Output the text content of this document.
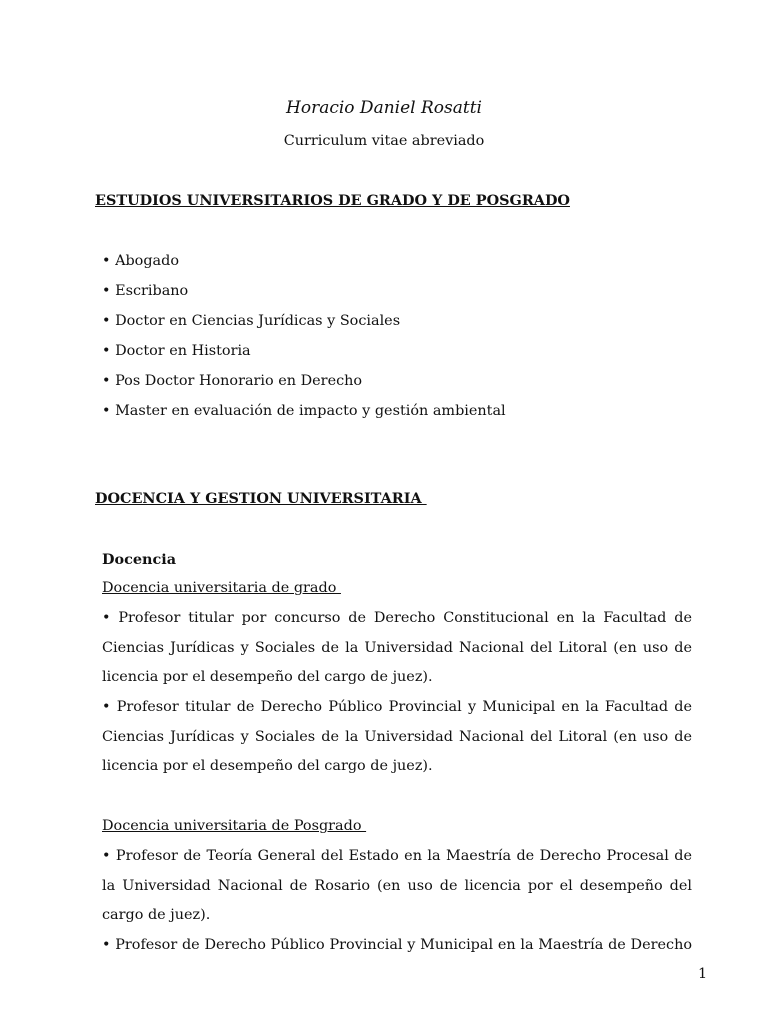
Horacio Daniel Rosatti
Curriculum vitae abreviado
ESTUDIOS UNIVERSITARIOS DE GRADO Y DE POSGRADO
• Abogado
• Escribano
• Doctor en Ciencias Jurídicas y Sociales
• Doctor en Historia
• Pos Doctor Honorario en Derecho
• Master en evaluación de impacto y gestión ambiental
DOCENCIA Y GESTION UNIVERSITARIA
Docencia
Docencia universitaria de grado

• Profesor titular por concurso de Derecho Constitucional en la Facultad de Ciencias Jurídicas y Sociales de la Universidad Nacional del Litoral (en uso de licencia por el desempeño del cargo de juez).

• Profesor titular de Derecho Público Provincial y Municipal en la Facultad de Ciencias Jurídicas y Sociales de la Universidad Nacional del Litoral (en uso de licencia por el desempeño del cargo de juez).

Docencia universitaria de Posgrado

• Profesor de Teoría General del Estado en la Maestría de Derecho Procesal de la Universidad Nacional de Rosario (en uso de licencia por el desempeño del cargo de juez).

• Profesor de Derecho Público Provincial y Municipal en la Maestría de Derecho

1
